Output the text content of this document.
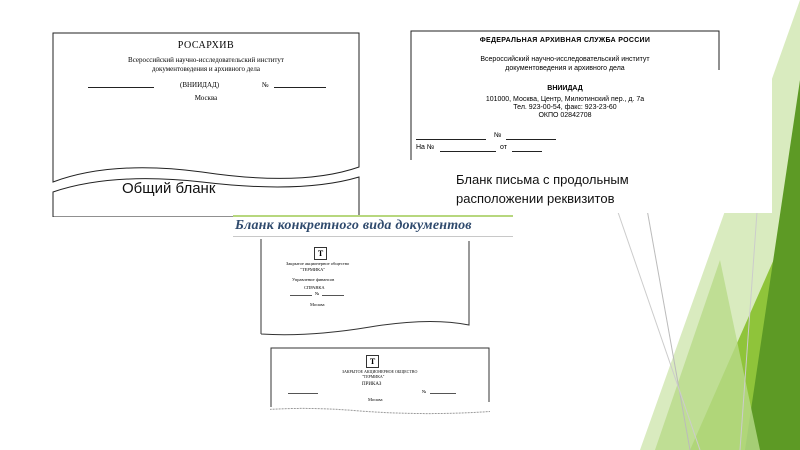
РОСАРХИВ
Всероссийский научно-исследовательский институт
документоведения и архивного дела
(ВНИИДАД)	№
Москва
Общий бланк
ФЕДЕРАЛЬНАЯ АРХИВНАЯ СЛУЖБА РОССИИ
Всероссийский научно-исследовательский институт
документоведения и архивного дела
ВНИИДАД
101000, Москва, Центр, Милютинский пер., д. 7а
Тел. 923-00-54, факс: 923-23-60
ОКПО 02842708
№
На №	от
Бланк письма с продольным расположении реквизитов
Бланк конкретного вида документов
T
Закрытое акционерное общество
"ТЕРМИКА"
Управление финансов
СПРАВКА
№
Москва
T
ЗАКРЫТОЕ АКЦИОНЕРНОЕ ОБЩЕСТВО
"ТЕРМИКА"
ПРИКАЗ
№
Москва
